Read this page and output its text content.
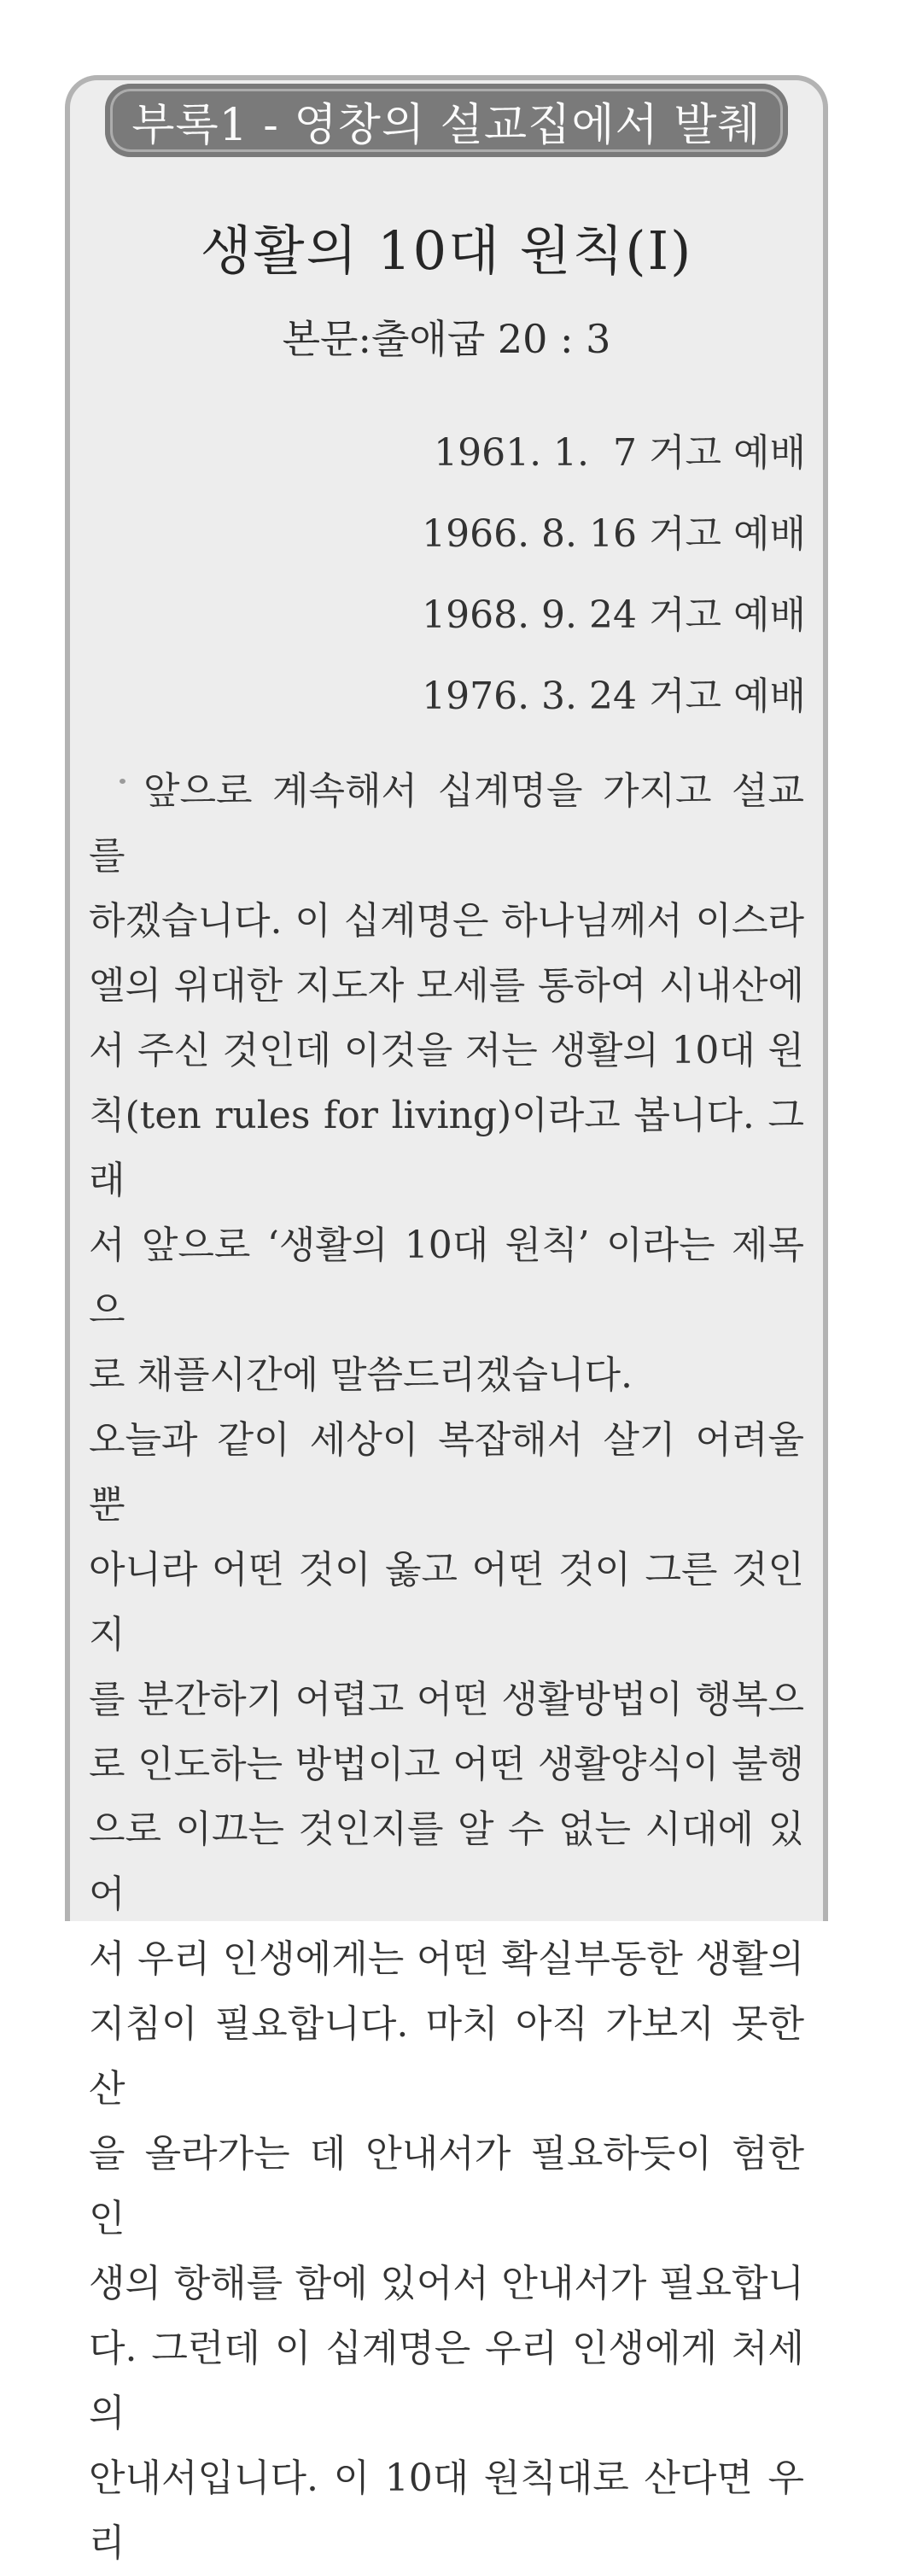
부록1 - 영창의 설교집에서 발췌
생활의 10대 원칙(I)
본문:출애굽 20 : 3
1961. 1.  7 거고 예배
1966. 8. 16 거고 예배
1968. 9. 24 거고 예배
1976. 3. 24 거고 예배
앞으로 계속해서 십계명을 가지고 설교를
하겠습니다. 이 십계명은 하나님께서 이스라
엘의 위대한 지도자 모세를 통하여 시내산에
서 주신 것인데 이것을 저는 생활의 10대 원
칙(ten rules for living)이라고 봅니다. 그래
서 앞으로 ‘생활의 10대 원칙’ 이라는 제목으
로 채플시간에 말씀드리겠습니다.
오늘과 같이 세상이 복잡해서 살기 어려울 뿐
아니라 어떤 것이 옳고 어떤 것이 그른 것인지
를 분간하기 어렵고 어떤 생활방법이 행복으
로 인도하는 방법이고 어떤 생활양식이 불행
으로 이끄는 것인지를 알 수 없는 시대에 있어
서 우리 인생에게는 어떤 확실부동한 생활의
지침이 필요합니다. 마치 아직 가보지 못한 산
을 올라가는 데 안내서가 필요하듯이 험한 인
생의 항해를 함에 있어서 안내서가 필요합니
다. 그런데 이 십계명은 우리 인생에게 처세의
안내서입니다. 이 10대 원칙대로 산다면 우리
